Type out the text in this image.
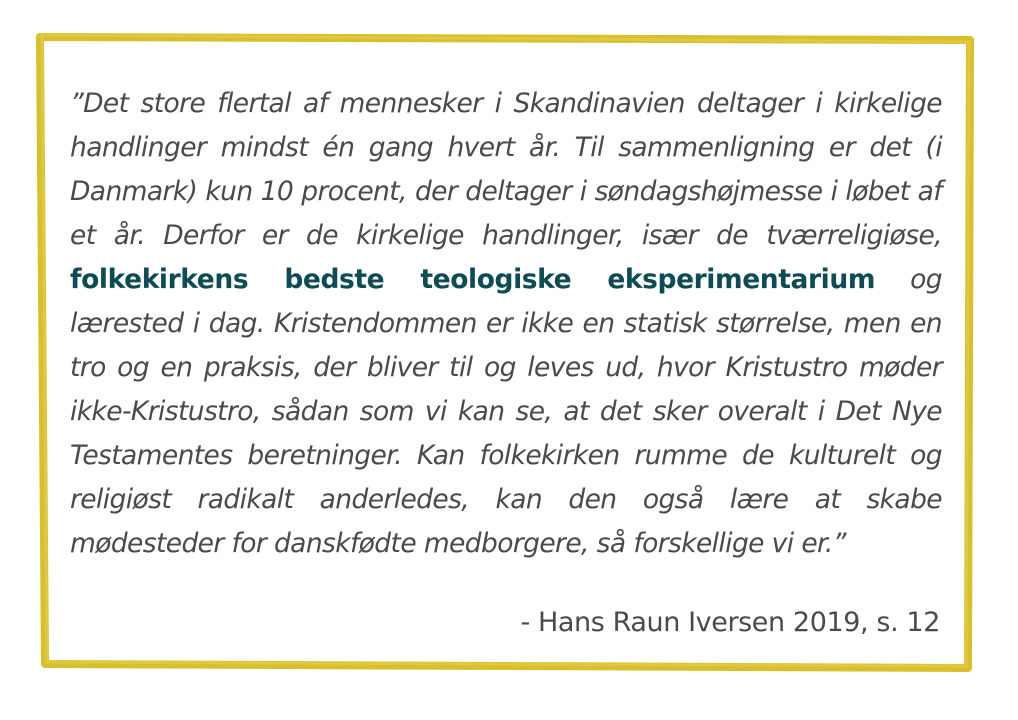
”Det store flertal af mennesker i Skandinavien deltager i kirkelige handlinger mindst én gang hvert år. Til sammenligning er det (i Danmark) kun 10 procent, der deltager i søndagshøjmesse i løbet af et år. Derfor er de kirkelige handlinger, især de tværreligiøse, folkekirkens bedste teologiske eksperimentarium og lærested i dag. Kristendommen er ikke en statisk størrelse, men en tro og en praksis, der bliver til og leves ud, hvor Kristustro møder ikke-Kristustro, sådan som vi kan se, at det sker overalt i Det Nye Testamentes beretninger. Kan folkekirken rumme de kulturelt og religiøst radikalt anderledes, kan den også lære at skabe mødesteder for danskfødte medborgere, så forskellige vi er.”

- Hans Raun Iversen 2019, s. 12
